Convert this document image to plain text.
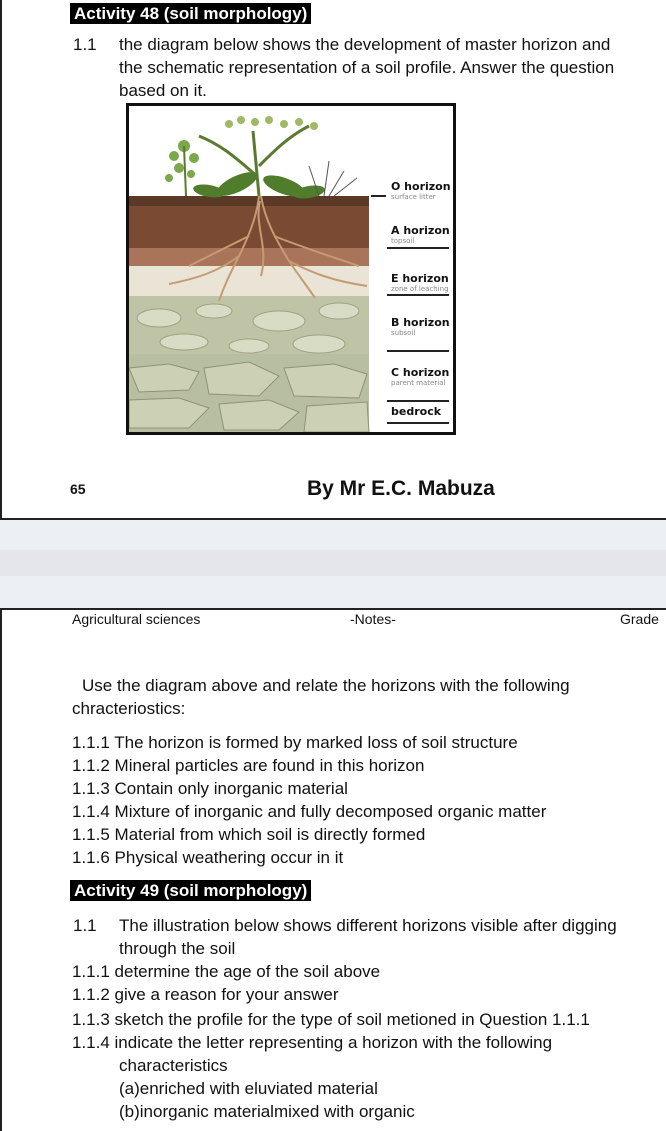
Activity 48 (soil morphology)
1.1 the diagram below shows the development of master horizon and
the schematic representation of a soil profile. Answer the question
based on it.
O horizon
surface litter
A horizon
topsoil
E horizon
zone of leaching
B horizon
subsoil
C horizon
parent material
bedrock
65	By Mr E.C. Mabuza
Agricultural sciences	-Notes-	Grade
Use the diagram above and relate the horizons with the following
chracteriostics:
1.1.1 The horizon is formed by marked loss of soil structure
1.1.2 Mineral particles are found in this horizon
1.1.3 Contain only inorganic material
1.1.4 Mixture of inorganic and fully decomposed organic matter
1.1.5 Material from which soil is directly formed
1.1.6 Physical weathering occur in it
Activity 49 (soil morphology)
1.1 The illustration below shows different horizons visible after digging
through the soil
1.1.1 determine the age of the soil above
1.1.2 give a reason for your answer
1.1.3 sketch the profile for the type of soil metioned in Question 1.1.1
1.1.4 indicate the letter representing a horizon with the following
characteristics
(a)enriched with eluviated material
(b)inorganic materialmixed with organic
